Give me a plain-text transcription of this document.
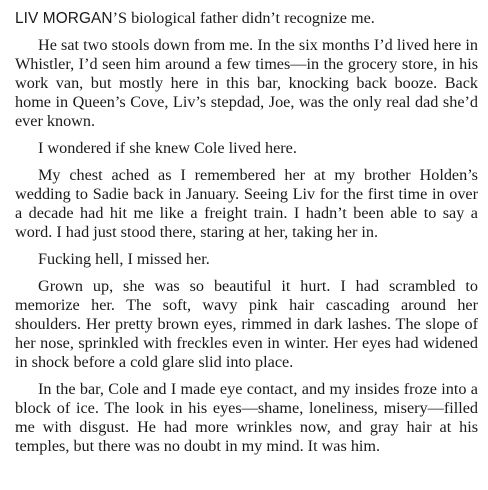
LIV MORGAN’S biological father didn’t recognize me.

He sat two stools down from me. In the six months I’d lived here in Whistler, I’d seen him around a few times—in the grocery store, in his work van, but mostly here in this bar, knocking back booze. Back home in Queen’s Cove, Liv’s stepdad, Joe, was the only real dad she’d ever known.

I wondered if she knew Cole lived here.

My chest ached as I remembered her at my brother Holden’s wedding to Sadie back in January. Seeing Liv for the first time in over a decade had hit me like a freight train. I hadn’t been able to say a word. I had just stood there, staring at her, taking her in.

Fucking hell, I missed her.

Grown up, she was so beautiful it hurt. I had scrambled to memorize her. The soft, wavy pink hair cascading around her shoulders. Her pretty brown eyes, rimmed in dark lashes. The slope of her nose, sprinkled with freckles even in winter. Her eyes had widened in shock before a cold glare slid into place.

In the bar, Cole and I made eye contact, and my insides froze into a block of ice. The look in his eyes—shame, loneliness, misery—filled me with disgust. He had more wrinkles now, and gray hair at his temples, but there was no doubt in my mind. It was him.
